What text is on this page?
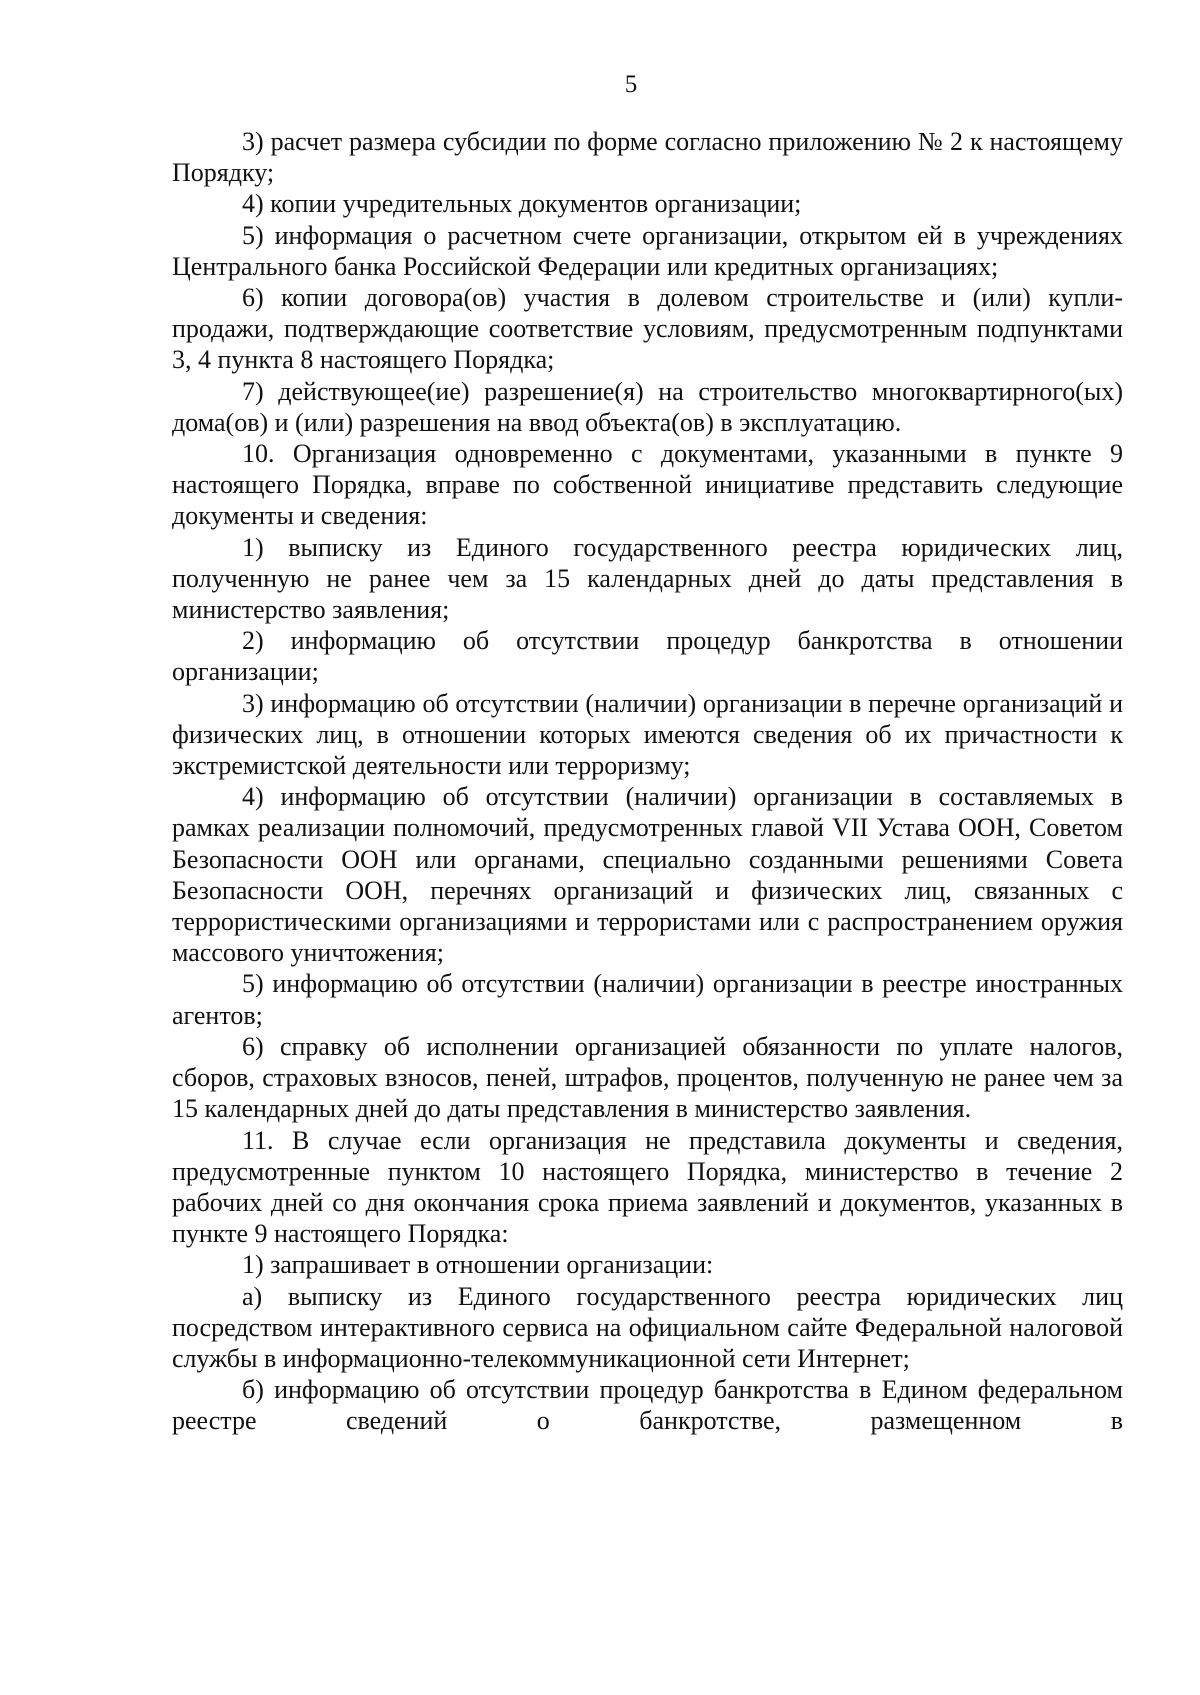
5

3) расчет размера субсидии по форме согласно приложению № 2 к настоящему Порядку;

4) копии учредительных документов организации;

5) информация о расчетном счете организации, открытом ей в учреждениях Центрального банка Российской Федерации или кредитных организациях;

6) копии договора(ов) участия в долевом строительстве и (или) купли-продажи, подтверждающие соответствие условиям, предусмотренным подпунктами 3, 4 пункта 8 настоящего Порядка;

7) действующее(ие) разрешение(я) на строительство многоквартирного(ых) дома(ов) и (или) разрешения на ввод объекта(ов) в эксплуатацию.

10. Организация одновременно с документами, указанными в пункте 9 настоящего Порядка, вправе по собственной инициативе представить следующие документы и сведения:

1) выписку из Единого государственного реестра юридических лиц, полученную не ранее чем за 15 календарных дней до даты представления в министерство заявления;

2) информацию об отсутствии процедур банкротства в отношении организации;

3) информацию об отсутствии (наличии) организации в перечне организаций и физических лиц, в отношении которых имеются сведения об их причастности к экстремистской деятельности или терроризму;

4) информацию об отсутствии (наличии) организации в составляемых в рамках реализации полномочий, предусмотренных главой VII Устава ООН, Советом Безопасности ООН или органами, специально созданными решениями Совета Безопасности ООН, перечнях организаций и физических лиц, связанных с террористическими организациями и террористами или с распространением оружия массового уничтожения;

5) информацию об отсутствии (наличии) организации в реестре иностранных агентов;

6) справку об исполнении организацией обязанности по уплате налогов, сборов, страховых взносов, пеней, штрафов, процентов, полученную не ранее чем за 15 календарных дней до даты представления в министерство заявления.

11. В случае если организация не представила документы и сведения, предусмотренные пунктом 10 настоящего Порядка, министерство в течение 2 рабочих дней со дня окончания срока приема заявлений и документов, указанных в пункте 9 настоящего Порядка:

1) запрашивает в отношении организации:

а) выписку из Единого государственного реестра юридических лиц посредством интерактивного сервиса на официальном сайте Федеральной налоговой службы в информационно-телекоммуникационной сети Интернет;

б) информацию об отсутствии процедур банкротства в Едином федеральном реестре сведений о банкротстве, размещенном в
